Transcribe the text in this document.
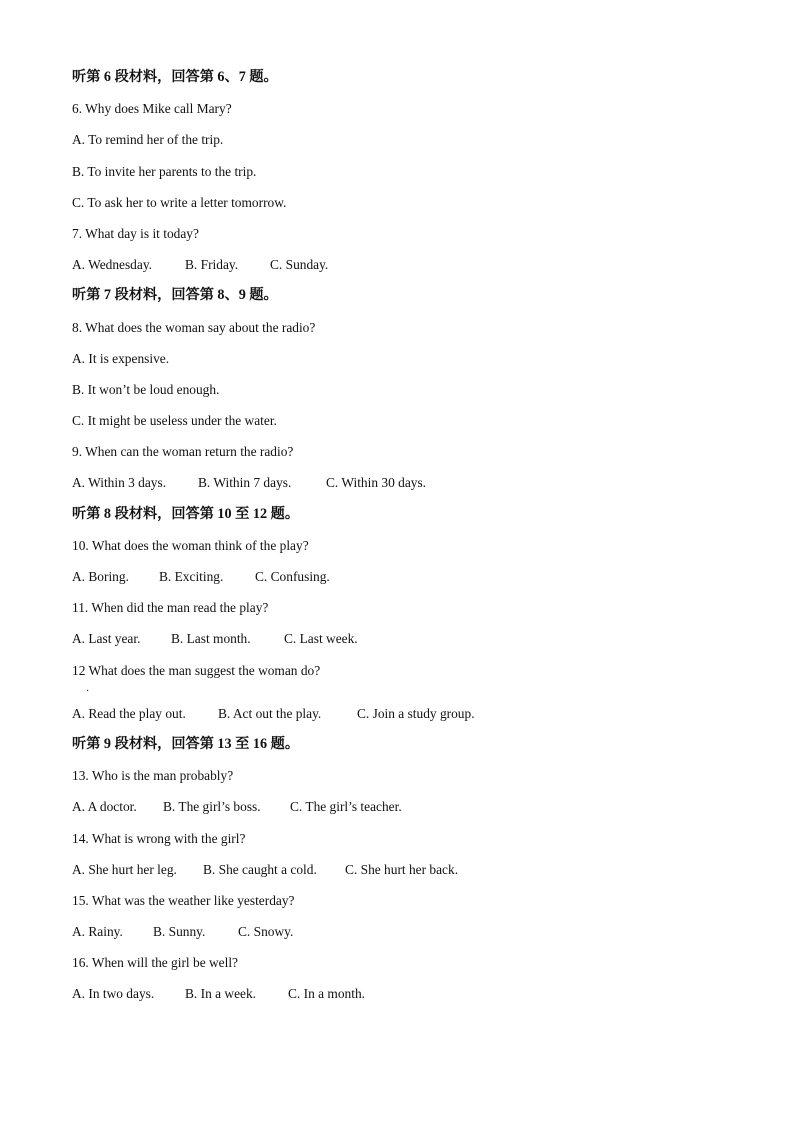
听第 6 段材料，回答第 6、7 题。
6. Why does Mike call Mary?
A. To remind her of the trip.
B. To invite her parents to the trip.
C. To ask her to write a letter tomorrow.
7. What day is it today?
A. Wednesday. B. Friday. C. Sunday.
听第 7 段材料，回答第 8、9 题。
8. What does the woman say about the radio?
A. It is expensive.
B. It won’t be loud enough.
C. It might be useless under the water.
9. When can the woman return the radio?
A. Within 3 days. B. Within 7 days.	C. Within 30 days.
听第 8 段材料，回答第 10 至 12 题。
10. What does the woman think of the play?
A. Boring. B. Exciting. C. Confusing.
11. When did the man read the play?
A. Last year. B. Last month. C. Last week.
12 What does the man suggest the woman do?
·
A. Read the play out. B. Act out the play.	C. Join a study group.
听第 9 段材料，回答第 13 至 16 题。
13. Who is the man probably?
A. A doctor. B. The girl’s boss. C. The girl’s teacher.
14. What is wrong with the girl?
A. She hurt her leg. B. She caught a cold. C. She hurt her back.
15. What was the weather like yesterday?
A. Rainy. B. Sunny. C. Snowy.
16. When will the girl be well?
A. In two days. B. In a week. C. In a month.
